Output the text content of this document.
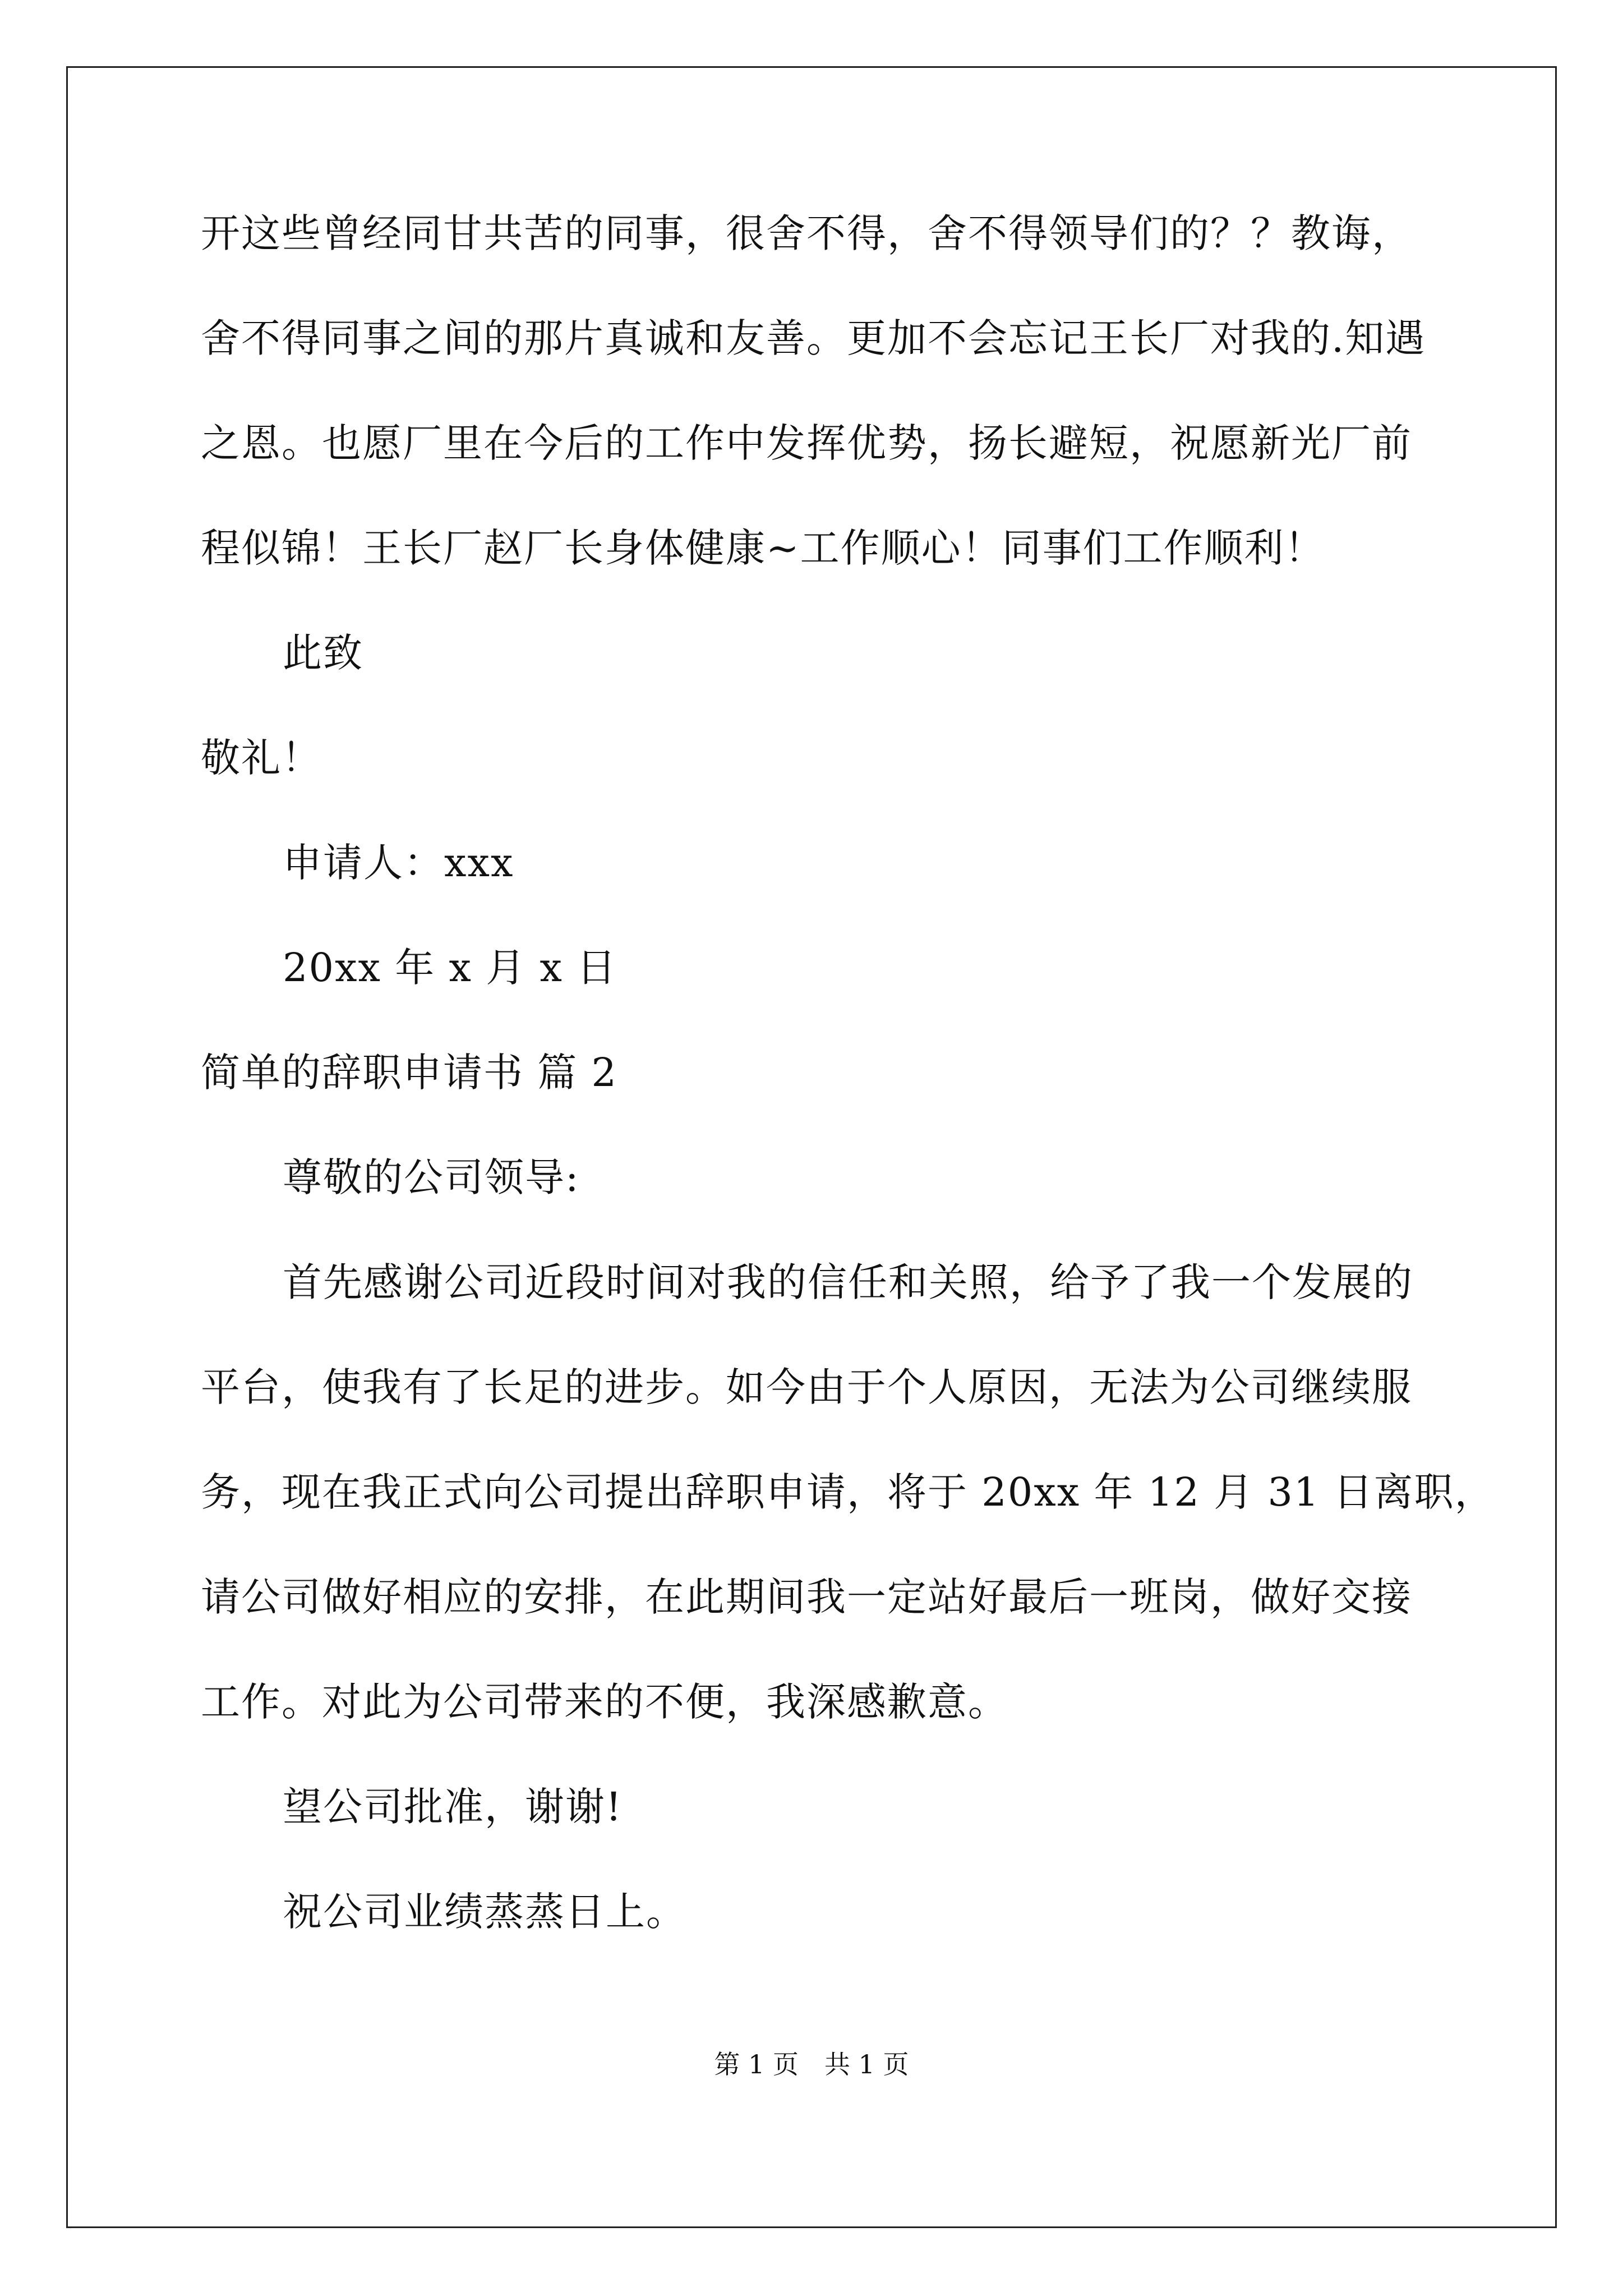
开这些曾经同甘共苦的同事，很舍不得，舍不得领导们的？？教诲，
舍不得同事之间的那片真诚和友善。更加不会忘记王长厂对我的.知遇
之恩。也愿厂里在今后的工作中发挥优势，扬长避短，祝愿新光厂前
程似锦！王长厂赵厂长身体健康~工作顺心！同事们工作顺利！
此致
敬礼！
申请人：xxx
20xx 年 x 月 x 日
简单的辞职申请书 篇 2
尊敬的公司领导:
首先感谢公司近段时间对我的信任和关照，给予了我一个发展的
平台，使我有了长足的进步。如今由于个人原因，无法为公司继续服
务，现在我正式向公司提出辞职申请，将于 20xx 年 12 月 31 日离职，
请公司做好相应的安排，在此期间我一定站好最后一班岗，做好交接
工作。对此为公司带来的不便，我深感歉意。
望公司批准，谢谢!
祝公司业绩蒸蒸日上。
第 1 页 共 1 页
